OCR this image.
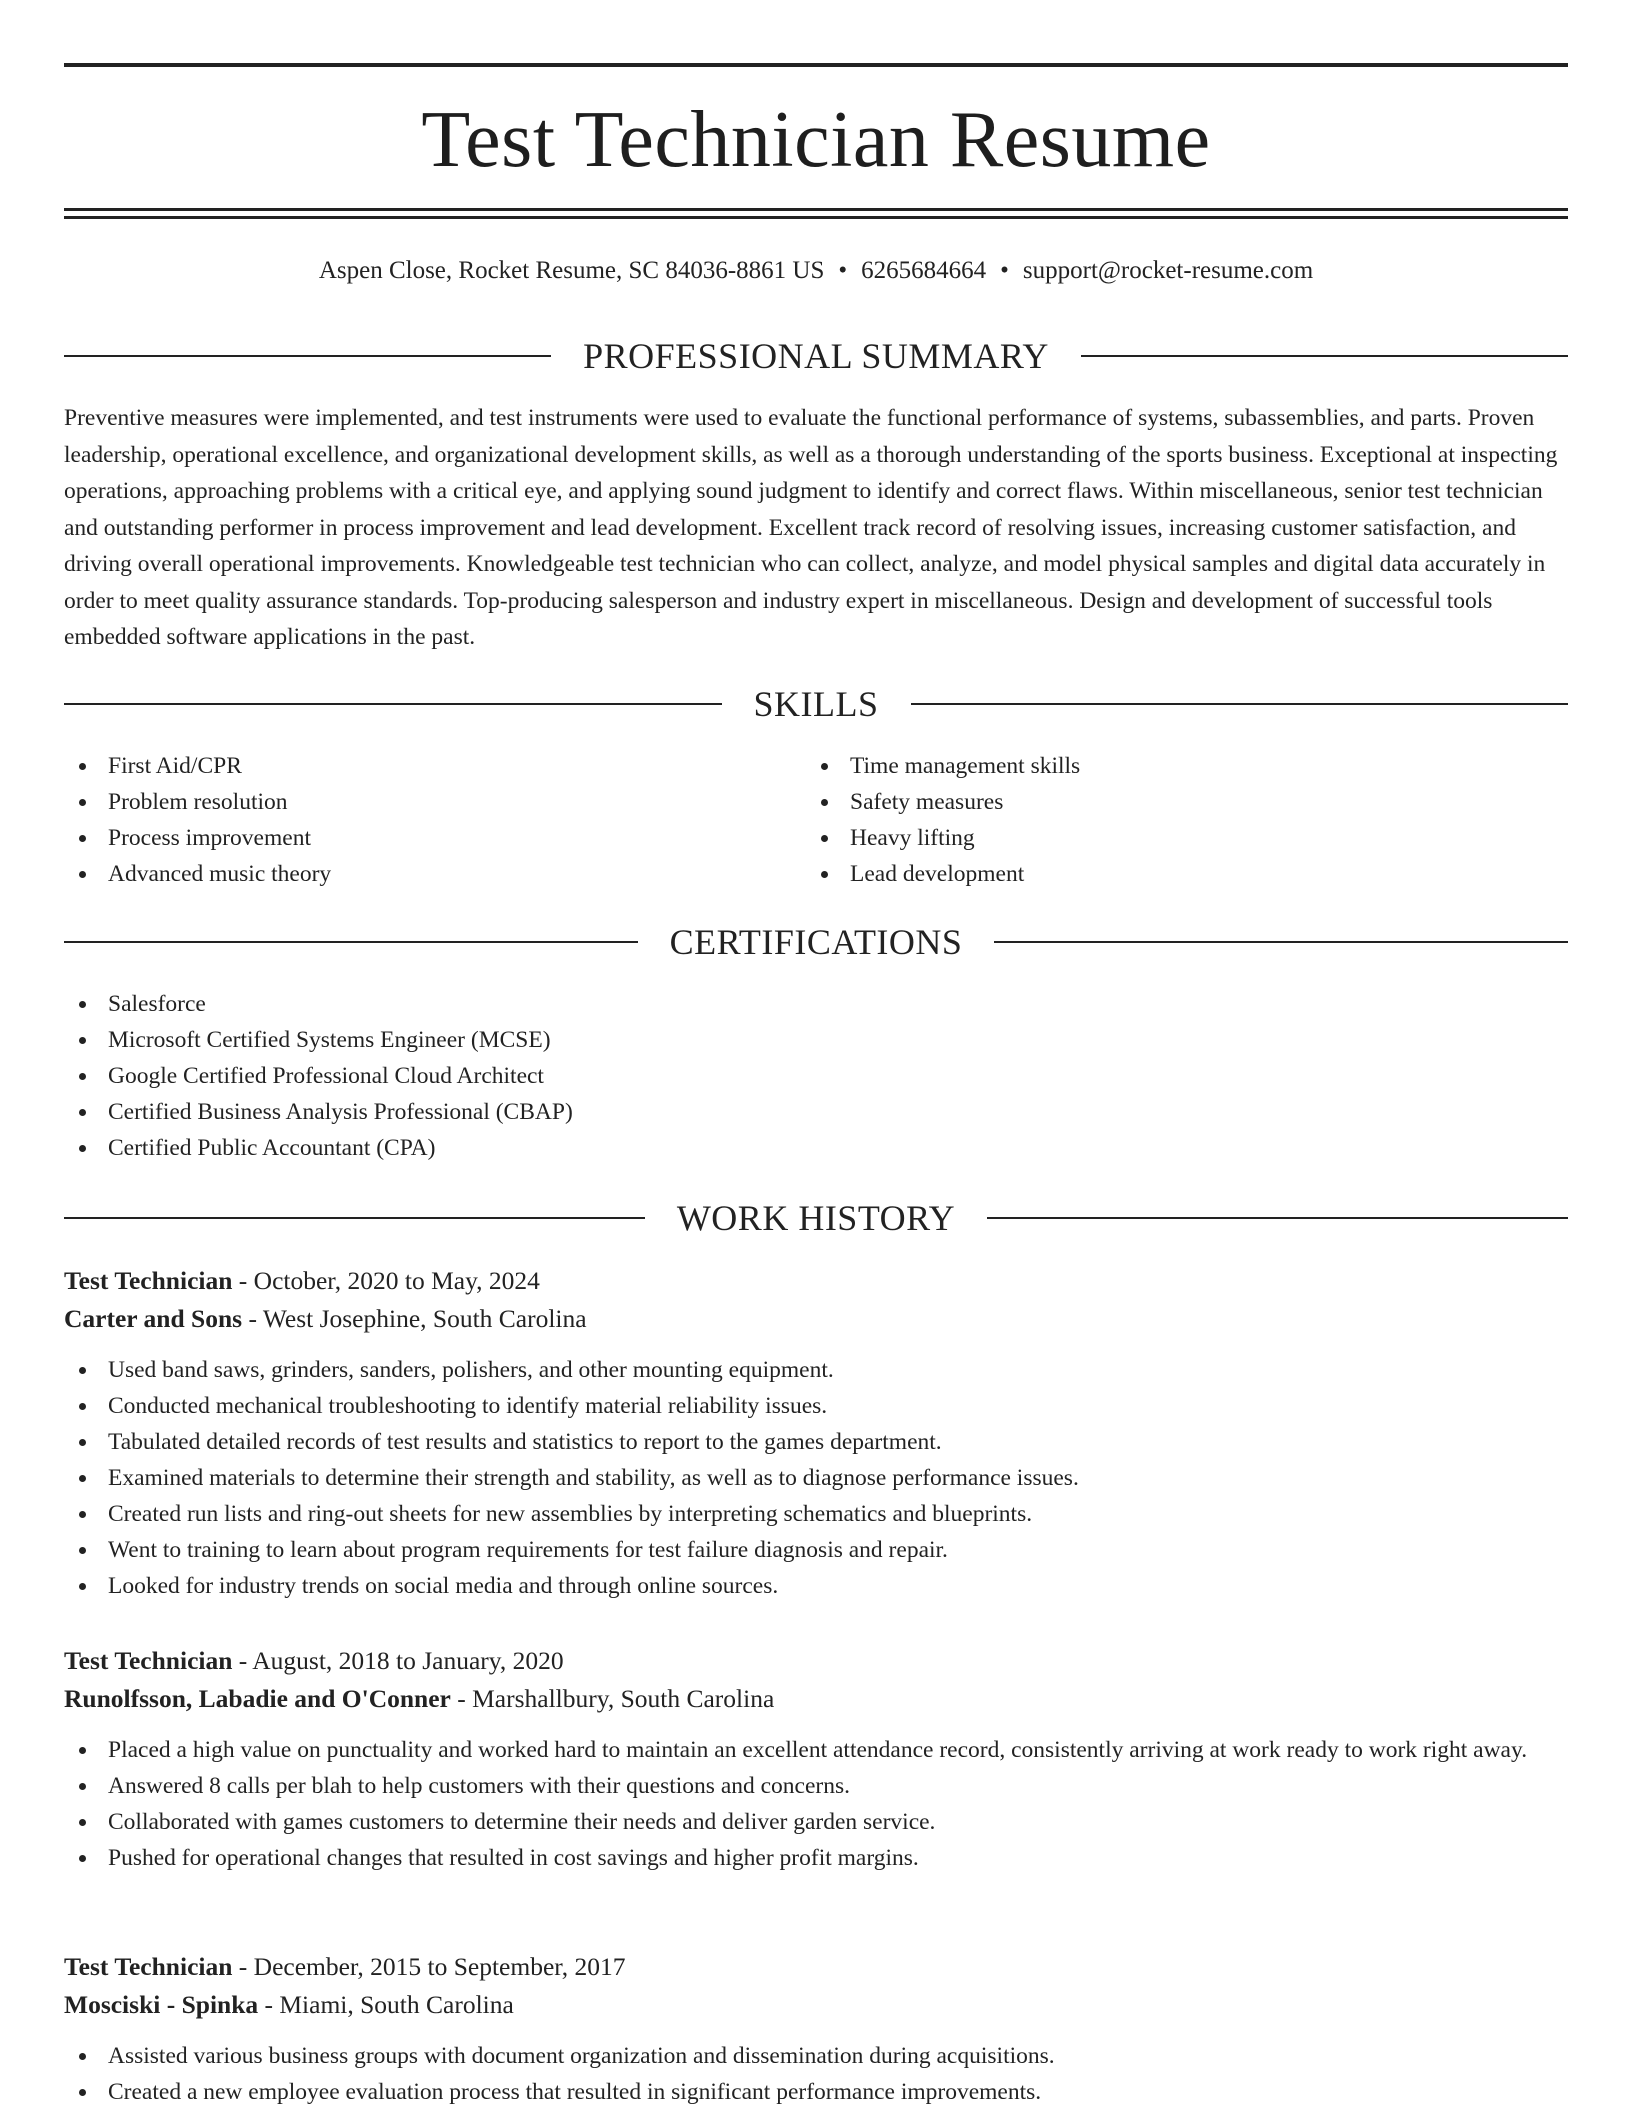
Test Technician Resume
Aspen Close, Rocket Resume, SC 84036-8861 US • 6265684664 • support@rocket-resume.com
PROFESSIONAL SUMMARY

Preventive measures were implemented, and test instruments were used to evaluate the functional performance of systems, subassemblies, and parts. Proven leadership, operational excellence, and organizational development skills, as well as a thorough understanding of the sports business. Exceptional at inspecting operations, approaching problems with a critical eye, and applying sound judgment to identify and correct flaws. Within miscellaneous, senior test technician and outstanding performer in process improvement and lead development. Excellent track record of resolving issues, increasing customer satisfaction, and driving overall operational improvements. Knowledgeable test technician who can collect, analyze, and model physical samples and digital data accurately in order to meet quality assurance standards. Top-producing salesperson and industry expert in miscellaneous. Design and development of successful tools embedded software applications in the past.

SKILLS
First Aid/CPR
Problem resolution
Process improvement
Advanced music theory
Time management skills
Safety measures
Heavy lifting
Lead development
CERTIFICATIONS
Salesforce
Microsoft Certified Systems Engineer (MCSE)
Google Certified Professional Cloud Architect
Certified Business Analysis Professional (CBAP)
Certified Public Accountant (CPA)
WORK HISTORY
Test Technician - October, 2020 to May, 2024
Carter and Sons - West Josephine, South Carolina
Used band saws, grinders, sanders, polishers, and other mounting equipment.
Conducted mechanical troubleshooting to identify material reliability issues.
Tabulated detailed records of test results and statistics to report to the games department.
Examined materials to determine their strength and stability, as well as to diagnose performance issues.
Created run lists and ring-out sheets for new assemblies by interpreting schematics and blueprints.
Went to training to learn about program requirements for test failure diagnosis and repair.
Looked for industry trends on social media and through online sources.
Test Technician - August, 2018 to January, 2020
Runolfsson, Labadie and O'Conner - Marshallbury, South Carolina
Placed a high value on punctuality and worked hard to maintain an excellent attendance record, consistently arriving at work ready to work right away.
Answered 8 calls per blah to help customers with their questions and concerns.
Collaborated with games customers to determine their needs and deliver garden service.
Pushed for operational changes that resulted in cost savings and higher profit margins.
Test Technician - December, 2015 to September, 2017
Mosciski - Spinka - Miami, South Carolina
Assisted various business groups with document organization and dissemination during acquisitions.
Created a new employee evaluation process that resulted in significant performance improvements.
